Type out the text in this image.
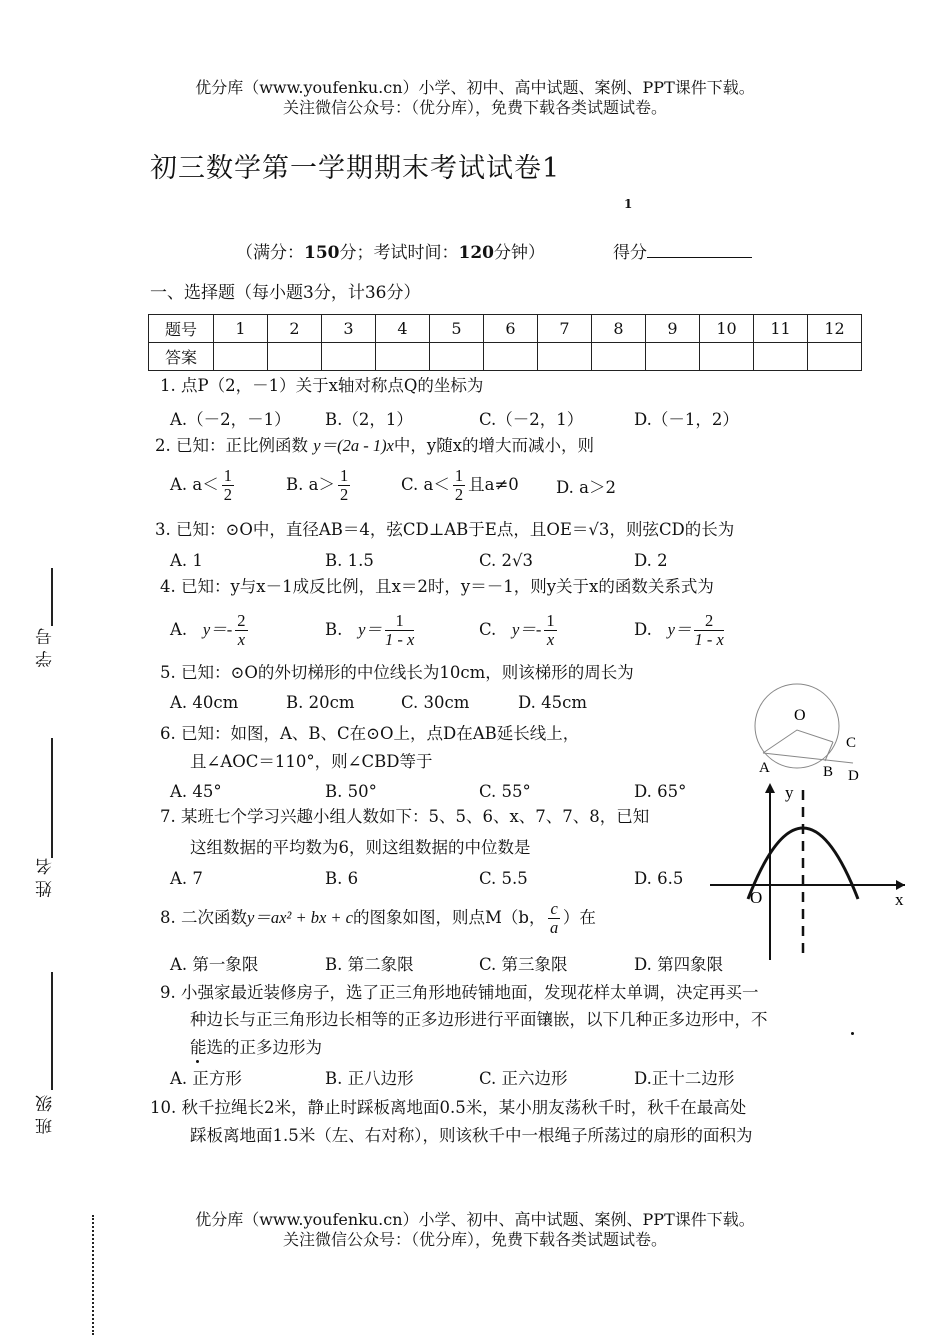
优分库（www.youfenku.cn）小学、初中、高中试题、案例、PPT课件下载。
关注微信公众号：（优分库），免费下载各类试题试卷。
初三数学第一学期期末考试试卷1
1
（满分：150分；考试时间：120分钟）	得分
一、选择题（每小题3分，计36分）
题号	1	2	3	4	5	6	7	8	9	10	11	12
答案												
1. 点P（2，－1）关于x轴对称点Q的坐标为
A.（－2，－1） B.（2，1）	C.（－2，1）	D.（－1，2）
2. 已知：正比例函数 y＝(2a - 1)x中，y随x的增大而减小，则
A. $a< \frac{1}{2}$	B. $a> \frac{1}{2}$	C. $a< \frac{1}{2}$ 且a≠0 D. a＞2
3. 已知：⊙O中，直径AB＝4，弦CD⊥AB于E点，且OE＝√3，则弦CD的长为
A. 1	B. 1.5	C. 2√3	D. 2
4. 已知：y与x－1成反比例，且x＝2时，y＝－1，则y关于x的函数关系式为
A. $y=- \frac{2}{x}$	B. $y= \frac{1}{1 - x}$	C. $y=- \frac{1}{x}$	D. $y= \frac{2}{1 - x}$
5. 已知：⊙O的外切梯形的中位线长为10cm，则该梯形的周长为
A. 40cm	B. 20cm	C. 30cm	D. 45cm
6. 已知：如图，A、B、C在⊙O上，点D在AB延长线上，
且∠AOC＝110°，则∠CBD等于
A. 45°	B. 50°	C. 55°	D. 65°
7. 某班七个学习兴趣小组人数如下：5、5、6、x、7、7、8，已知
这组数据的平均数为6，则这组数据的中位数是
A. 7	B. 6	C. 5.5	D. 6.5
8. 二次函数y＝ax² + bx + c的图象如图，则点M（b， $\frac{c}{a}$ ）在
A. 第一象限	B. 第二象限	C. 第三象限	D. 第四象限
9. 小强家最近装修房子，选了正三角形地砖铺地面，发现花样太单调，决定再买一
种边长与正三角形边长相等的正多边形进行平面镶嵌，以下几种正多边形中，不
能选的正多边形为
A. 正方形	B. 正八边形	C. 正六边形	D.正十二边形
10. 秋千拉绳长2米，静止时踩板离地面0.5米，某小朋友荡秋千时，秋千在最高处
踩板离地面1.5米（左、右对称），则该秋千中一根绳子所荡过的扇形的面积为
O
A	B
C
D
y
x
O
学 号
姓 名
班 级
优分库（www.youfenku.cn）小学、初中、高中试题、案例、PPT课件下载。
关注微信公众号：（优分库），免费下载各类试题试卷。
